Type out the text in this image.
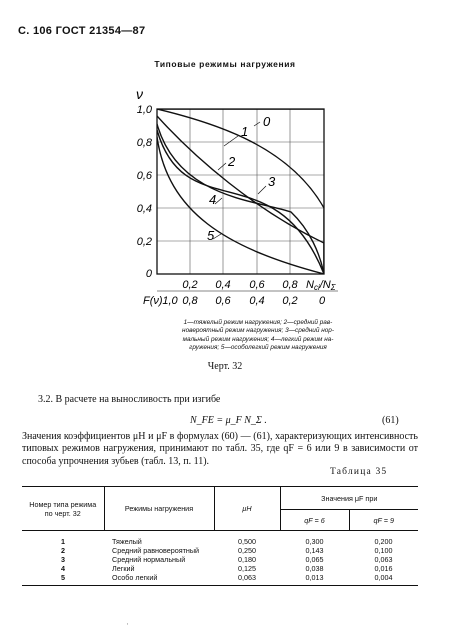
С. 106 ГОСТ 21354—87
Типовые режимы нагружения
0
1
2
3
4
5
ν
1,0
0,8
0,6
0,4
0,2
0
0,2 0,4 0,6 0,8 Nci/NΣ
F(ν) 1,0 0,8 0,6 0,4 0,2 0
1—тяжелый режим нагружения; 2—средний рав-
новероятный режим нагружения; 3—средний нор-
мальный режим нагружения; 4—легкий режим на-
гружения; 5—особолегкий режим нагружения
Черт. 32
3.2. В расчете на выносливость при изгибе
N_FE = μ_F N_Σ .	(61)
Значения коэффициентов μH и μF в формулах (60) — (61), характеризующих интенсивность типовых режимов нагружения, принимают по табл. 35, где qF = 6 или 9 в зависимости от способа упрочнения зубьев (табл. 13, п. 11).
Таблица 35
Номер типа режима по черт. 32	Режимы нагружения	μH	Значения μF при	
			qF = 6	qF = 9
1	Тяжелый	0,500	0,300	0,200
2	Средний равновероятный	0,250	0,143	0,100
3	Средний нормальный	0,180	0,065	0,063
4	Легкий	0,125	0,038	0,016
5	Особо легкий	0,063	0,013	0,004
·
